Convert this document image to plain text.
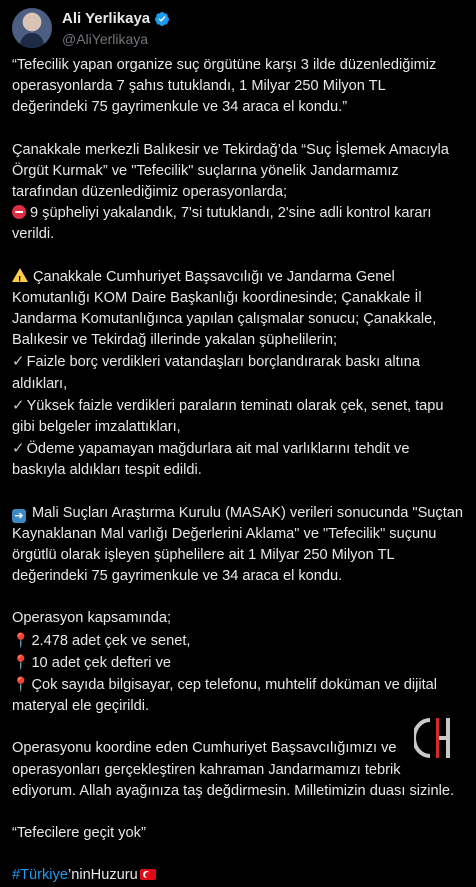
Ali Yerlikaya
@AliYerlikaya

“Tefecilik yapan organize suç örgütüne karşı 3 ilde düzenlediğimiz operasyonlarda 7 şahıs tutuklandı, 1 Milyar 250 Milyon TL değerindeki 75 gayrimenkule ve 34 araca el kondu.”

Çanakkale merkezli Balıkesir ve Tekirdağ’da “Suç İşlemek Amacıyla Örgüt Kurmak” ve "Tefecilik" suçlarına yönelik Jandarmamız tarafından düzenlediğimiz operasyonlarda;

9 şüpheliyi yakalandık, 7'si tutuklandı, 2'sine adli kontrol kararı verildi.

!Çanakkale Cumhuriyet Başsavcılığı ve Jandarma Genel Komutanlığı KOM Daire Başkanlığı koordinesinde; Çanakkale İl Jandarma Komutanlığınca yapılan çalışmalar sonucu; Çanakkale, Balıkesir ve Tekirdağ illerinde yakalan şüphelilerin;

✓ Faizle borç verdikleri vatandaşları borçlandırarak baskı altına aldıkları,

✓ Yüksek faizle verdikleri paraların teminatı olarak çek, senet, tapu gibi belgeler imzalattıkları,

✓ Ödeme yapamayan mağdurlara ait mal varlıklarını tehdit ve baskıyla aldıkları tespit edildi.

➜ Mali Suçları Araştırma Kurulu (MASAK) verileri sonucunda "Suçtan Kaynaklanan Mal varlığı Değerlerini Aklama" ve "Tefecilik" suçunu örgütlü olarak işleyen şüphelilere ait 1 Milyar 250 Milyon TL değerindeki 75 gayrimenkule ve 34 araca el kondu.

Operasyon kapsamında;

📍 2.478 adet çek ve senet,

📍 10 adet çek defteri ve

📍 Çok sayıda bilgisayar, cep telefonu, muhtelif doküman ve dijital materyal ele geçirildi.

Operasyonu koordine eden Cumhuriyet Başsavcılığımızı ve operasyonları gerçekleştiren kahraman Jandarmamızı tebrik ediyorum. Allah ayağınıza taş değdirmesin. Milletimizin duası sizinle.

“Tefecilere geçit yok”

#Türkiye’ninHuzuru
